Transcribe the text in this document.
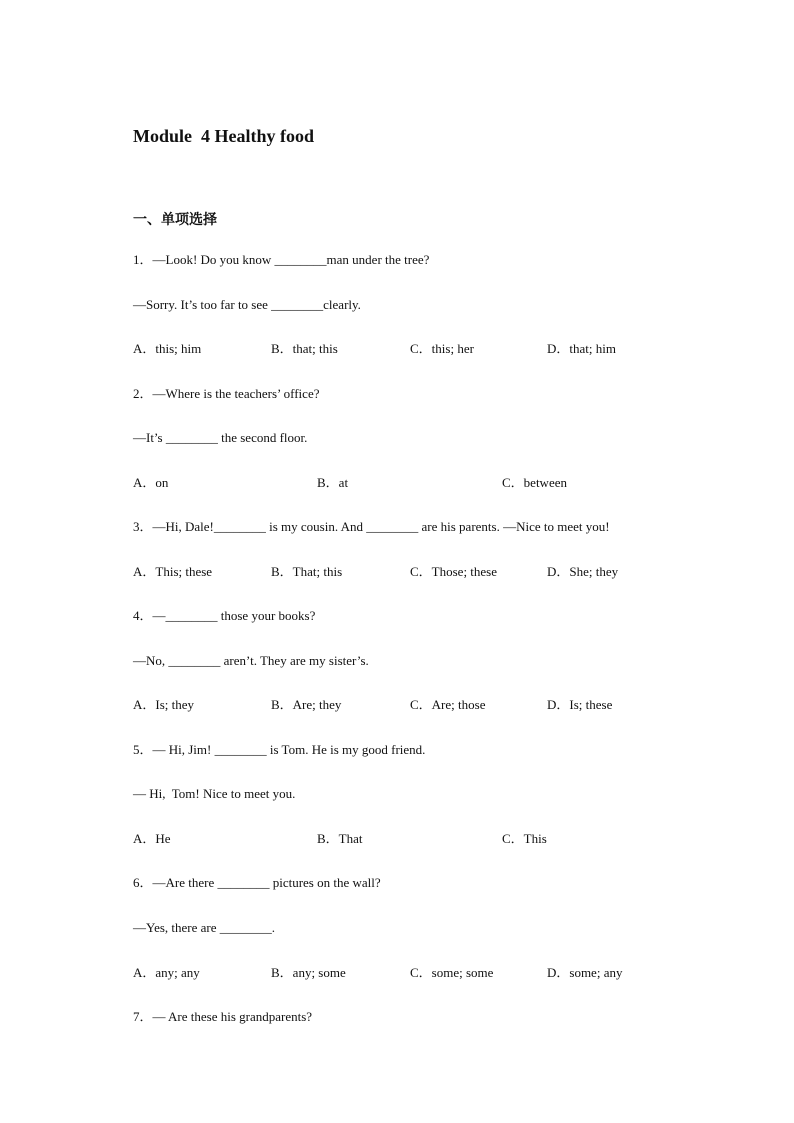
Module  4 Healthy food
一、单项选择
1．—Look! Do you know ________man under the tree?
—Sorry. It’s too far to see ________clearly.
A．this; him	B．that; this	C．this; her	D．that; him
2．—Where is the teachers’ office?
—It’s ________ the second floor.
A．on	B．at	C．between
3．—Hi, Dale!________ is my cousin. And ________ are his parents. —Nice to meet you!
A．This; these	B．That; this	C．Those; these	D．She; they
4．—________ those your books?
—No, ________ aren’t. They are my sister’s.
A．Is; they	B．Are; they	C．Are; those	D．Is; these
5．— Hi, Jim! ________ is Tom. He is my good friend.
— Hi,  Tom! Nice to meet you.
A．He	B．That	C．This
6．—Are there ________ pictures on the wall?
—Yes, there are ________.
A．any; any	B．any; some	C．some; some	D．some; any
7．— Are these his grandparents?
